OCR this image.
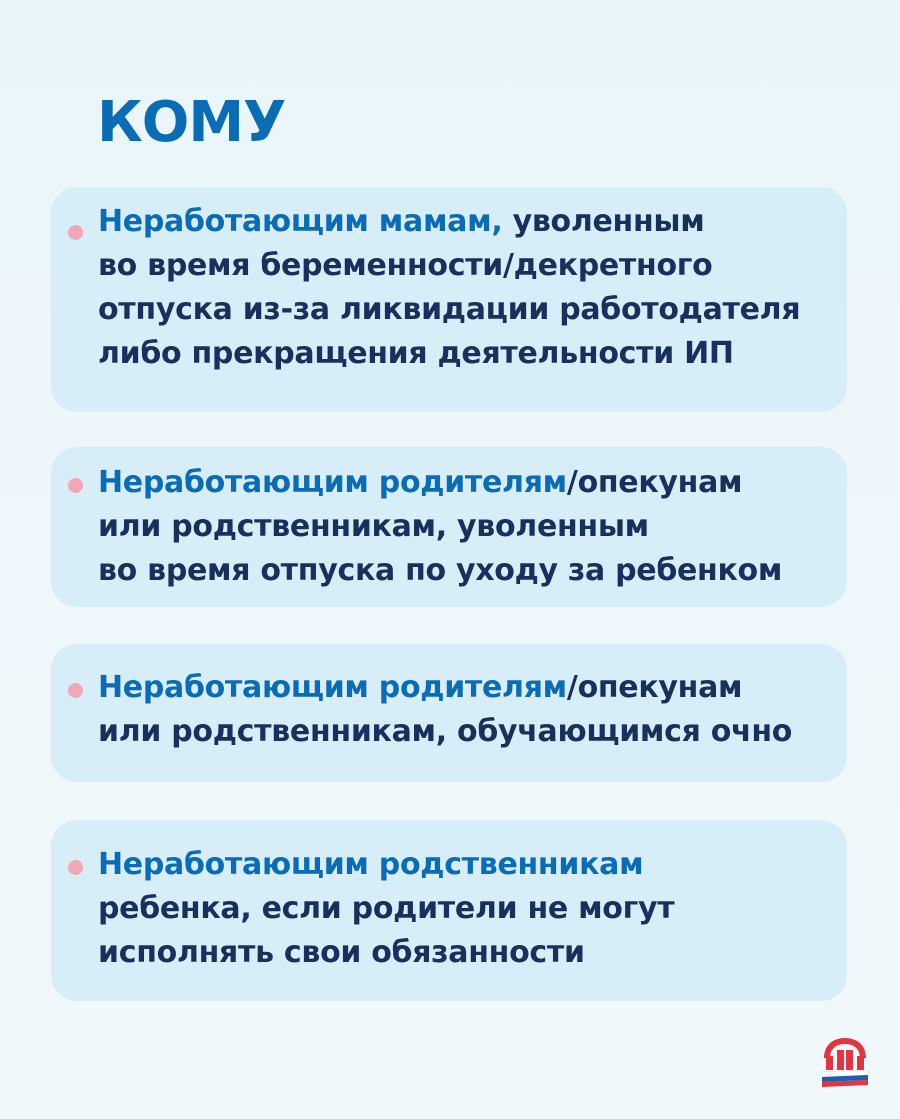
КОМУ
Неработающим мамам, уволенным
во время беременности/декретного
отпуска из-за ликвидации работодателя
либо прекращения деятельности ИП
Неработающим родителям/опекунам
или родственникам, уволенным
во время отпуска по уходу за ребенком
Неработающим родителям/опекунам
или родственникам, обучающимся очно
Неработающим родственникам
ребенка, если родители не могут
исполнять свои обязанности
